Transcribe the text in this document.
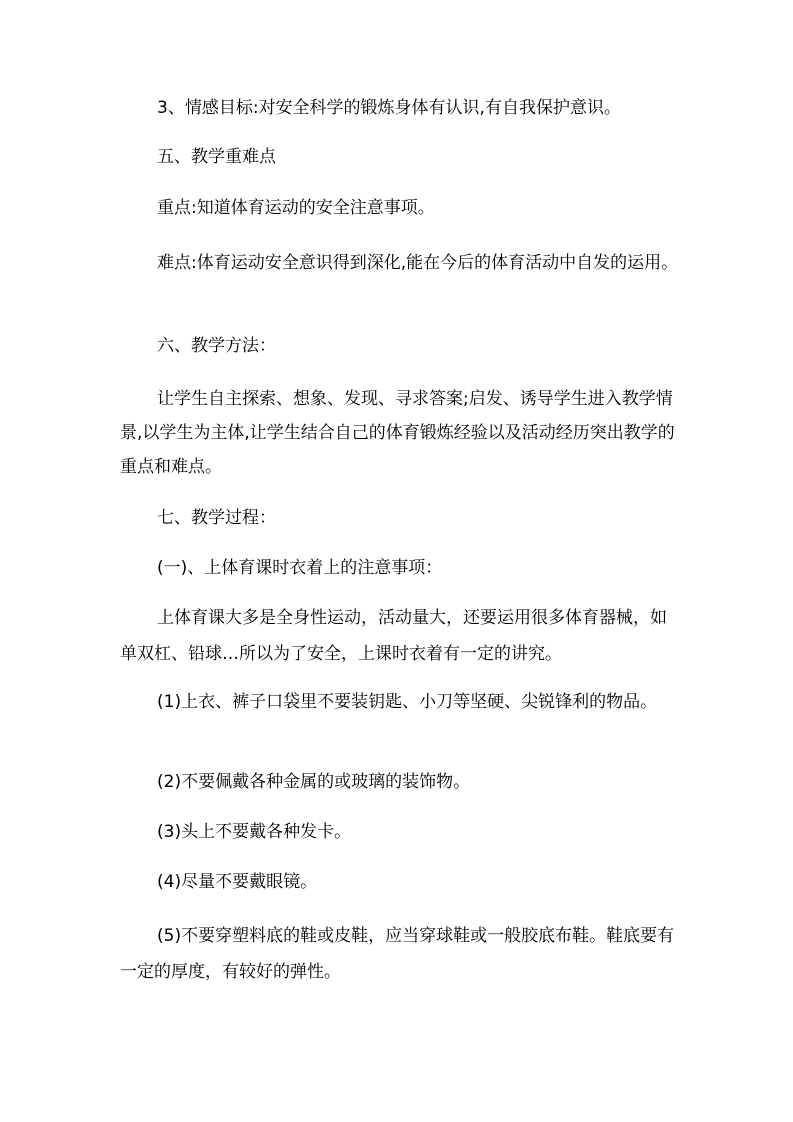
3、情感目标:对安全科学的锻炼身体有认识,有自我保护意识。

五、教学重难点

重点:知道体育运动的安全注意事项。

难点:体育运动安全意识得到深化,能在今后的体育活动中自发的运用。

六、教学方法：

让学生自主探索、想象、发现、寻求答案;启发、诱导学生进入教学情景,以学生为主体,让学生结合自己的体育锻炼经验以及活动经历突出教学的重点和难点。

七、教学过程：

(一)、上体育课时衣着上的注意事项：

上体育课大多是全身性运动，活动量大，还要运用很多体育器械，如单双杠、铅球…所以为了安全，上课时衣着有一定的讲究。

(1)上衣、裤子口袋里不要装钥匙、小刀等坚硬、尖锐锋利的物品。

(2)不要佩戴各种金属的或玻璃的装饰物。

(3)头上不要戴各种发卡。

(4)尽量不要戴眼镜。

(5)不要穿塑料底的鞋或皮鞋，应当穿球鞋或一般胶底布鞋。鞋底要有一定的厚度，有较好的弹性。
